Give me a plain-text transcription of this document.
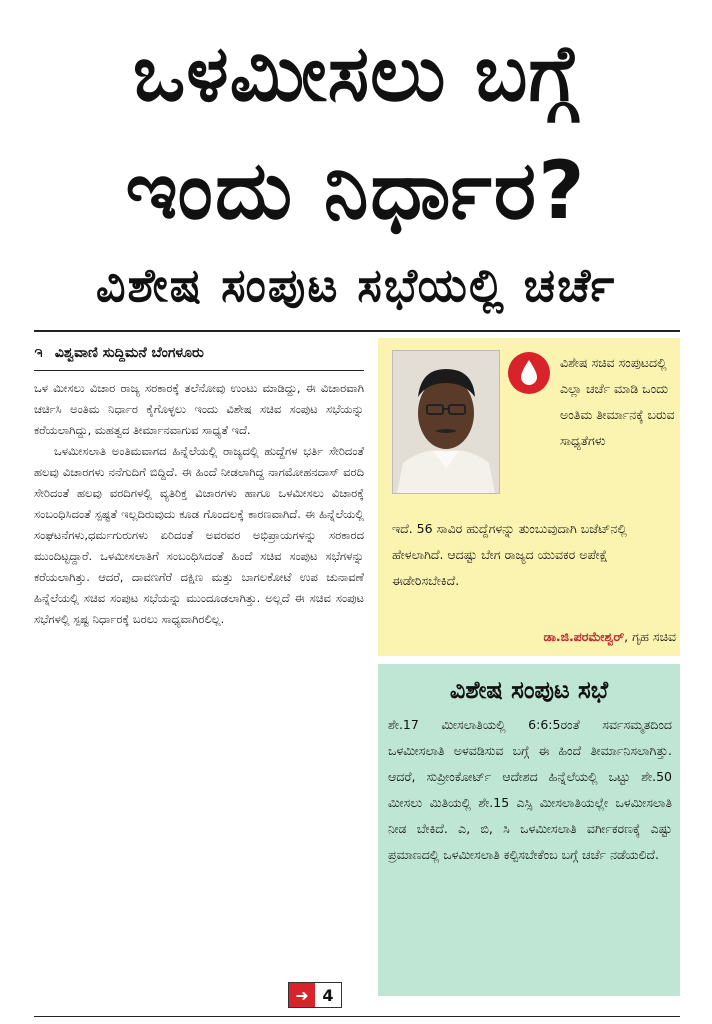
ಒಳಮೀಸಲು ಬಗ್ಗೆ
ಇಂದು ನಿರ್ಧಾರ?
ವಿಶೇಷ ಸಂಪುಟ ಸಭೆಯಲ್ಲಿ ಚರ್ಚೆ
ຈ ವಿಶ್ವವಾಣಿ ಸುದ್ದಿಮನೆ ಬೆಂಗಳೂರು

ಒಳ ಮೀಸಲು ವಿಚಾರ ರಾಜ್ಯ ಸರಕಾರಕ್ಕೆ ತಲೆನೋವು ಉಂಟು ಮಾಡಿದ್ದು, ಈ ವಿಚಾರವಾಗಿ ಚರ್ಚಿಸಿ ಅಂತಿಮ ನಿರ್ಧಾರ ಕೈಗೊಳ್ಳಲು ಇಂದು ವಿಶೇಷ ಸಚಿವ ಸಂಪುಟ ಸಭೆಯನ್ನು ಕರೆಯಲಾಗಿದ್ದು, ಮಹತ್ವದ ತೀರ್ಮಾನವಾಗುವ ಸಾಧ್ಯತೆ ಇದೆ.

ಒಳಮೀಸಲಾತಿ ಅಂತಿಮವಾಗದ ಹಿನ್ನೆಲೆಯಲ್ಲಿ ರಾಜ್ಯದಲ್ಲಿ ಹುದ್ದೆಗಳ ಭರ್ತಿ ಸೇರಿದಂತೆ ಹಲವು ವಿಚಾರಗಳು ನನೆಗುದಿಗೆ ಬಿದ್ದಿದೆ. ಈ ಹಿಂದೆ ನೀಡಲಾಗಿದ್ದ ನಾಗಮೋಹನದಾಸ್ ವರದಿ ಸೇರಿದಂತೆ ಹಲವು ವರದಿಗಳಲ್ಲಿ ವ್ಯತಿರಿಕ್ತ ವಿಚಾರಗಳು ಹಾಗೂ ಒಳಮೀಸಲು ವಿಚಾರಕ್ಕೆ ಸಂಬಂಧಿಸಿದಂತೆ ಸ್ಪಷ್ಟತೆ ಇಲ್ಲದಿರುವುದು ಕೂಡ ಗೊಂದಲಕ್ಕೆ ಕಾರಣವಾಗಿದೆ. ಈ ಹಿನ್ನೆಲೆಯಲ್ಲಿ ಸಂಘಟನೆಗಳು,ಧರ್ಮಗುರುಗಳು ಏರಿದಂತೆ ಅವರವರ ಅಭಿಪ್ರಾಯಗಳನ್ನು ಸರಕಾರದ ಮುಂದಿಟ್ಟದ್ದಾರೆ. ಒಳಮೀಸಲಾತಿಗೆ ಸಂಬಂಧಿಸಿದಂತೆ ಹಿಂದೆ ಸಚಿವ ಸಂಪುಟ ಸಭೆಗಳನ್ನು ಕರೆಯಲಾಗಿತ್ತು. ಆದರೆ, ದಾವಣಗೆರೆ ದಕ್ಷಿಣ ಮತ್ತು ಬಾಗಲಕೋಟೆ ಉಪ ಚುನಾವಣೆ ಹಿನ್ನೆಲೆಯಲ್ಲಿ ಸಚಿವ ಸಂಪುಟ ಸಭೆಯನ್ನು ಮುಂದೂಡಲಾಗಿತ್ತು. ಅಲ್ಲದೆ ಈ ಸಚಿವ ಸಂಪುಟ ಸಭೆಗಳಲ್ಲಿ ಸ್ಪಷ್ಟ ನಿರ್ಧಾರಕ್ಕೆ ಬರಲು ಸಾಧ್ಯವಾಗಿರಲಿಲ್ಲ.

➜ 4
ವಿಶೇಷ ಸಚಿವ ಸಂಪುಟದಲ್ಲಿ ಎಲ್ಲಾ ಚರ್ಚೆ ಮಾಡಿ ಒಂದು ಅಂತಿಮ ತೀರ್ಮಾನಕ್ಕೆ ಬರುವ ಸಾಧ್ಯತೆಗಳು
ಇದೆ. 56 ಸಾವಿರ ಹುದ್ದೆಗಳನ್ನು ತುಂಬುವುದಾಗಿ ಬಜೆಟ್‌ನಲ್ಲಿ ಹೇಳಲಾಗಿದೆ. ಆದಷ್ಟು ಬೇಗ ರಾಜ್ಯದ ಯುವಕರ ಅಪೇಕ್ಷೆ ಈಡೇರಿಸಬೇಕಿದೆ.
ಡಾ.ಜಿ.ಪರಮೇಶ್ವರ್, ಗೃಹ ಸಚಿವ
ವಿಶೇಷ ಸಂಪುಟ ಸಭೆ
ಶೇ.17 ಮೀಸಲಾತಿಯಲ್ಲಿ 6:6:5ರಂತೆ ಸರ್ವಸಮ್ಮತದಿಂದ ಒಳಮೀಸಲಾತಿ ಅಳವಡಿಸುವ ಬಗ್ಗೆ ಈ ಹಿಂದೆ ತೀರ್ಮಾನಿಸಲಾಗಿತ್ತು. ಆದರೆ, ಸುಪ್ರೀಂಕೋರ್ಟ್ ಆದೇಶದ ಹಿನ್ನೆಲೆಯಲ್ಲಿ ಒಟ್ಟು ಶೇ.50 ಮೀಸಲು ಮಿತಿಯಲ್ಲಿ ಶೇ.15 ಎಸ್ಸಿ ಮೀಸಲಾತಿಯಲ್ಲೇ ಒಳಮೀಸಲಾತಿ ನೀಡ ಬೇಕಿದೆ. ಎ, ಬಿ, ಸಿ ಒಳಮೀಸಲಾತಿ ವರ್ಗೀಕರಣಕ್ಕೆ ಎಷ್ಟು ಪ್ರಮಾಣದಲ್ಲಿ ಒಳಮೀಸಲಾತಿ ಕಲ್ಪಿಸಬೇಕೆಂಬ ಬಗ್ಗೆ ಚರ್ಚೆ ನಡೆಯಲಿದೆ.
